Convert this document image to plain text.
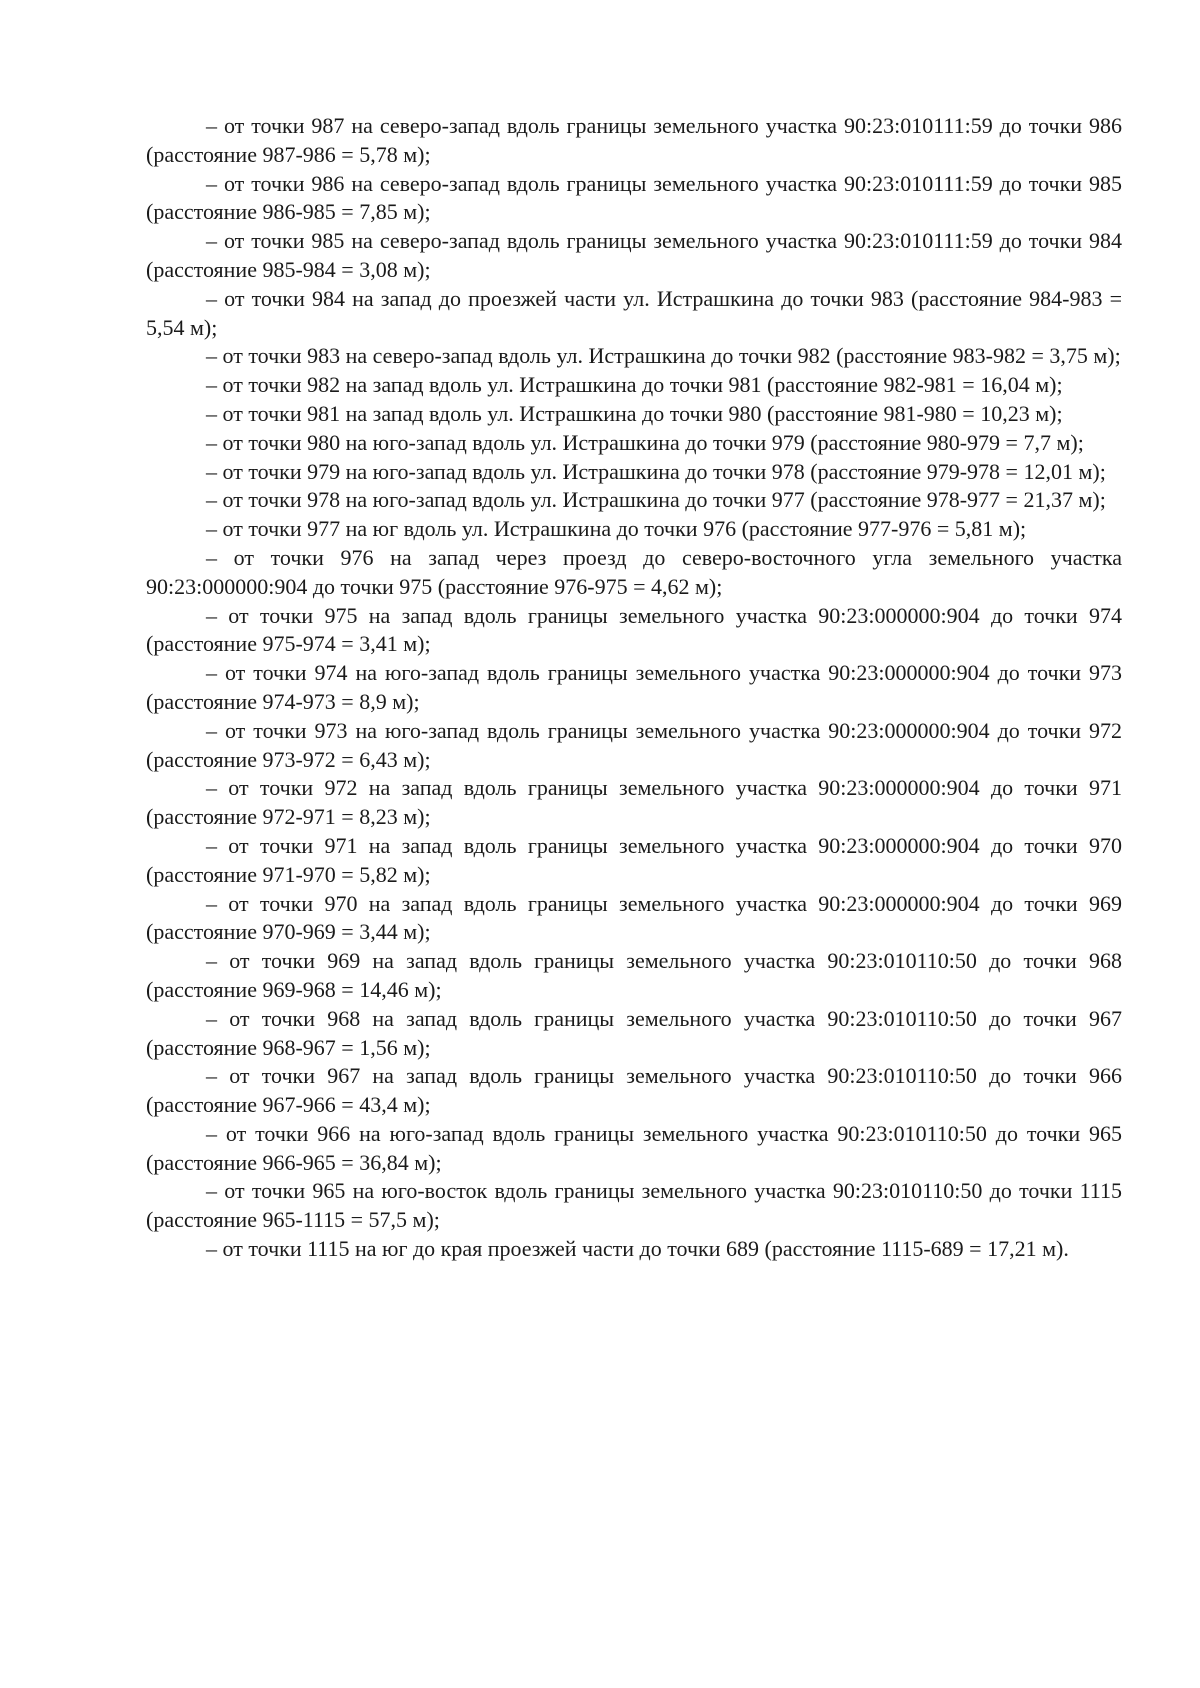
– от точки 987 на северо-запад вдоль границы земельного участка 90:23:010111:59 до точки 986 (расстояние 987-986 = 5,78 м);

– от точки 986 на северо-запад вдоль границы земельного участка 90:23:010111:59 до точки 985 (расстояние 986-985 = 7,85 м);

– от точки 985 на северо-запад вдоль границы земельного участка 90:23:010111:59 до точки 984 (расстояние 985-984 = 3,08 м);

– от точки 984 на запад до проезжей части ул. Истрашкина до точки 983 (расстояние 984-983 = 5,54 м);

– от точки 983 на северо-запад вдоль ул. Истрашкина до точки 982 (расстояние 983-982 = 3,75 м);

– от точки 982 на запад вдоль ул. Истрашкина до точки 981 (расстояние 982-981 = 16,04 м);

– от точки 981 на запад вдоль ул. Истрашкина до точки 980 (расстояние 981-980 = 10,23 м);

– от точки 980 на юго-запад вдоль ул. Истрашкина до точки 979 (расстояние 980-979 = 7,7 м);

– от точки 979 на юго-запад вдоль ул. Истрашкина до точки 978 (расстояние 979-978 = 12,01 м);

– от точки 978 на юго-запад вдоль ул. Истрашкина до точки 977 (расстояние 978-977 = 21,37 м);

– от точки 977 на юг вдоль ул. Истрашкина до точки 976 (расстояние 977-976 = 5,81 м);

– от точки 976 на запад через проезд до северо-восточного угла земельного участка 90:23:000000:904 до точки 975 (расстояние 976-975 = 4,62 м);

– от точки 975 на запад вдоль границы земельного участка 90:23:000000:904 до точки 974 (расстояние 975-974 = 3,41 м);

– от точки 974 на юго-запад вдоль границы земельного участка 90:23:000000:904 до точки 973 (расстояние 974-973 = 8,9 м);

– от точки 973 на юго-запад вдоль границы земельного участка 90:23:000000:904 до точки 972 (расстояние 973-972 = 6,43 м);

– от точки 972 на запад вдоль границы земельного участка 90:23:000000:904 до точки 971 (расстояние 972-971 = 8,23 м);

– от точки 971 на запад вдоль границы земельного участка 90:23:000000:904 до точки 970 (расстояние 971-970 = 5,82 м);

– от точки 970 на запад вдоль границы земельного участка 90:23:000000:904 до точки 969 (расстояние 970-969 = 3,44 м);

– от точки 969 на запад вдоль границы земельного участка 90:23:010110:50 до точки 968 (расстояние 969-968 = 14,46 м);

– от точки 968 на запад вдоль границы земельного участка 90:23:010110:50 до точки 967 (расстояние 968-967 = 1,56 м);

– от точки 967 на запад вдоль границы земельного участка 90:23:010110:50 до точки 966 (расстояние 967-966 = 43,4 м);

– от точки 966 на юго-запад вдоль границы земельного участка 90:23:010110:50 до точки 965 (расстояние 966-965 = 36,84 м);

– от точки 965 на юго-восток вдоль границы земельного участка 90:23:010110:50 до точки 1115 (расстояние 965-1115 = 57,5 м);

– от точки 1115 на юг до края проезжей части до точки 689 (расстояние 1115-689 = 17,21 м).
